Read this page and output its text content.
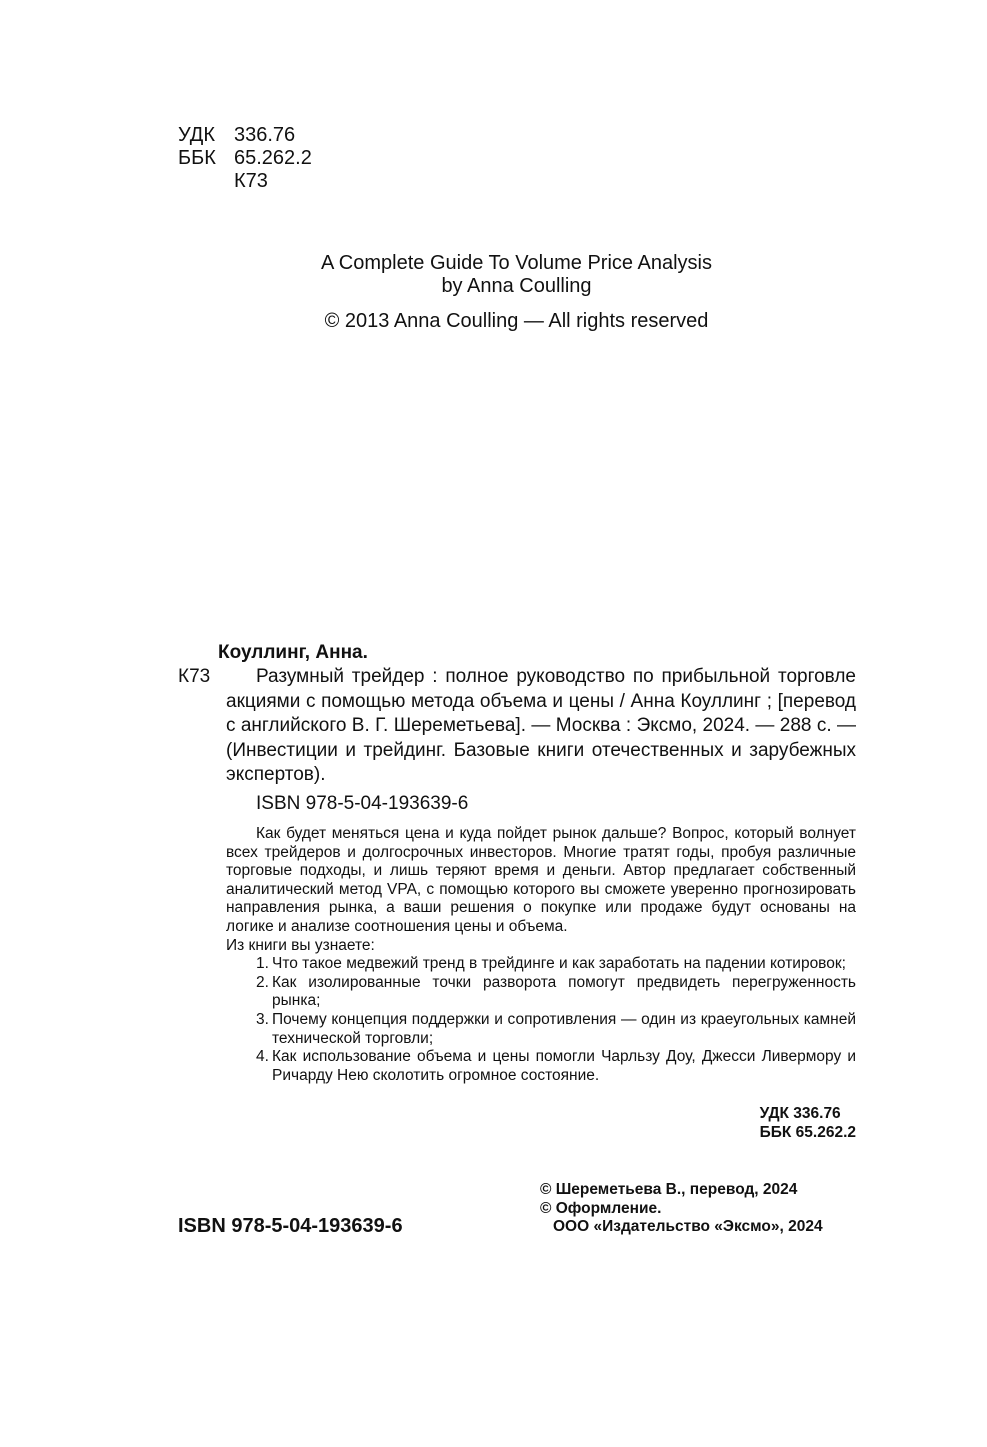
УДК 336.76
ББК 65.262.2
К73
A Complete Guide To Volume Price Analysis
by Anna Coulling
© 2013 Anna Coulling — All rights reserved
Коуллинг, Анна.
К73	Разумный трейдер : полное руководство по прибыльной торговле акциями с помощью метода объема и цены / Анна Коуллинг ; [перевод с английского В. Г. Шереметьева]. — Москва : Эксмо, 2024. — 288 с. — (Инвестиции и трейдинг. Базовые книги отечественных и зарубежных экспертов).
ISBN 978-5-04-193639-6

Как будет меняться цена и куда пойдет рынок дальше? Вопрос, который волнует всех трейдеров и долгосрочных инвесторов. Многие тратят годы, пробуя различные торговые подходы, и лишь теряют время и деньги. Автор предлагает собственный аналитический метод VPA, с помощью которого вы сможете уверенно прогнозировать направления рынка, а ваши решения о покупке или продаже будут основаны на логике и анализе соотношения цены и объема.

Из книги вы узнаете:

1. Что такое медвежий тренд в трейдинге и как заработать на падении котировок;
2. Как изолированные точки разворота помогут предвидеть перегруженность рынка;
3. Почему концепция поддержки и сопротивления — один из краеугольных камней технической торговли;
4. Как использование объема и цены помогли Чарльзу Доу, Джесси Ливермору и Ричарду Нею сколотить огромное состояние.
УДК 336.76
ББК 65.262.2
ISBN 978-5-04-193639-6
© Шереметьева В., перевод, 2024
© Оформление.
ООО «Издательство «Эксмо», 2024
